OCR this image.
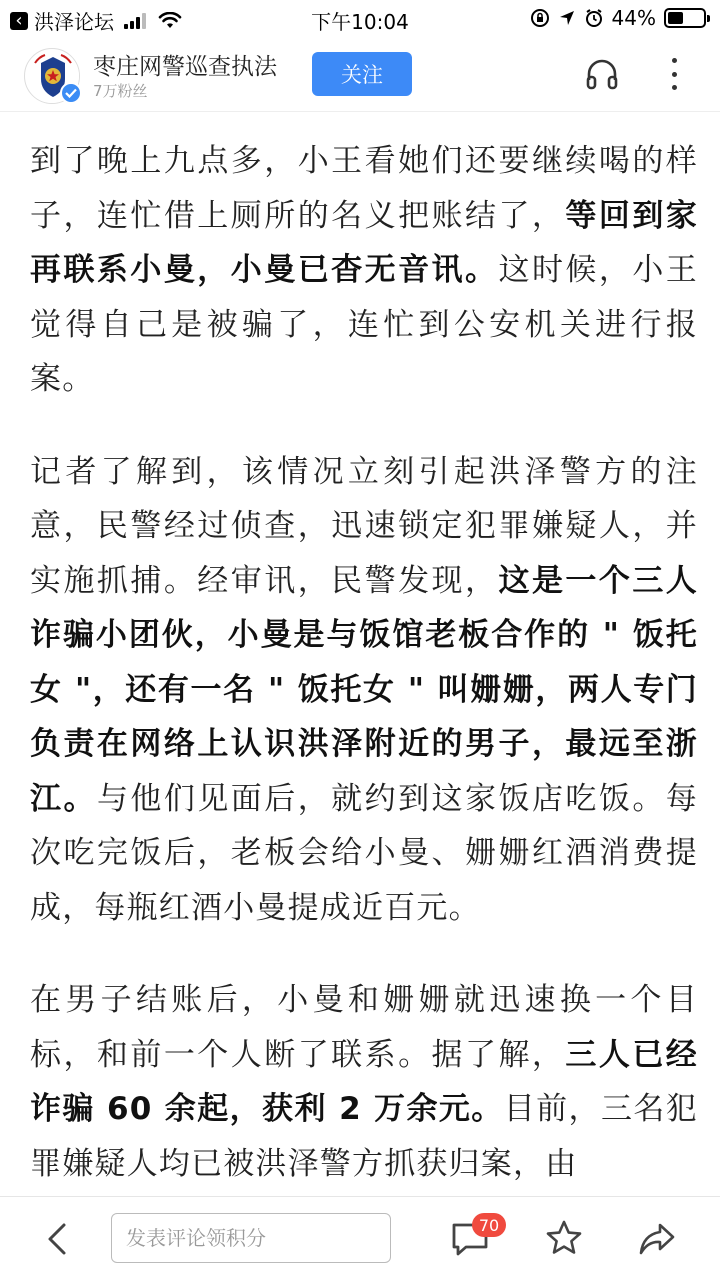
‹ 洪泽论坛	下午10:04	44%
枣庄网警巡查执法
7万粉丝
关注

到了晚上九点多，小王看她们还要继续喝的样子，连忙借上厕所的名义把账结了，等回到家再联系小曼，小曼已杳无音讯。这时候，小王觉得自己是被骗了，连忙到公安机关进行报案。

记者了解到，该情况立刻引起洪泽警方的注意，民警经过侦查，迅速锁定犯罪嫌疑人，并实施抓捕。经审讯，民警发现，这是一个三人诈骗小团伙，小曼是与饭馆老板合作的 " 饭托女 "，还有一名 " 饭托女 " 叫姗姗，两人专门负责在网络上认识洪泽附近的男子，最远至浙江。与他们见面后，就约到这家饭店吃饭。每次吃完饭后，老板会给小曼、姗姗红酒消费提成，每瓶红酒小曼提成近百元。

在男子结账后，小曼和姗姗就迅速换一个目标，和前一个人断了联系。据了解，三人已经诈骗 60 余起，获利 2 万余元。目前，三名犯罪嫌疑人均已被洪泽警方抓获归案，由

发表评论领积分
70
